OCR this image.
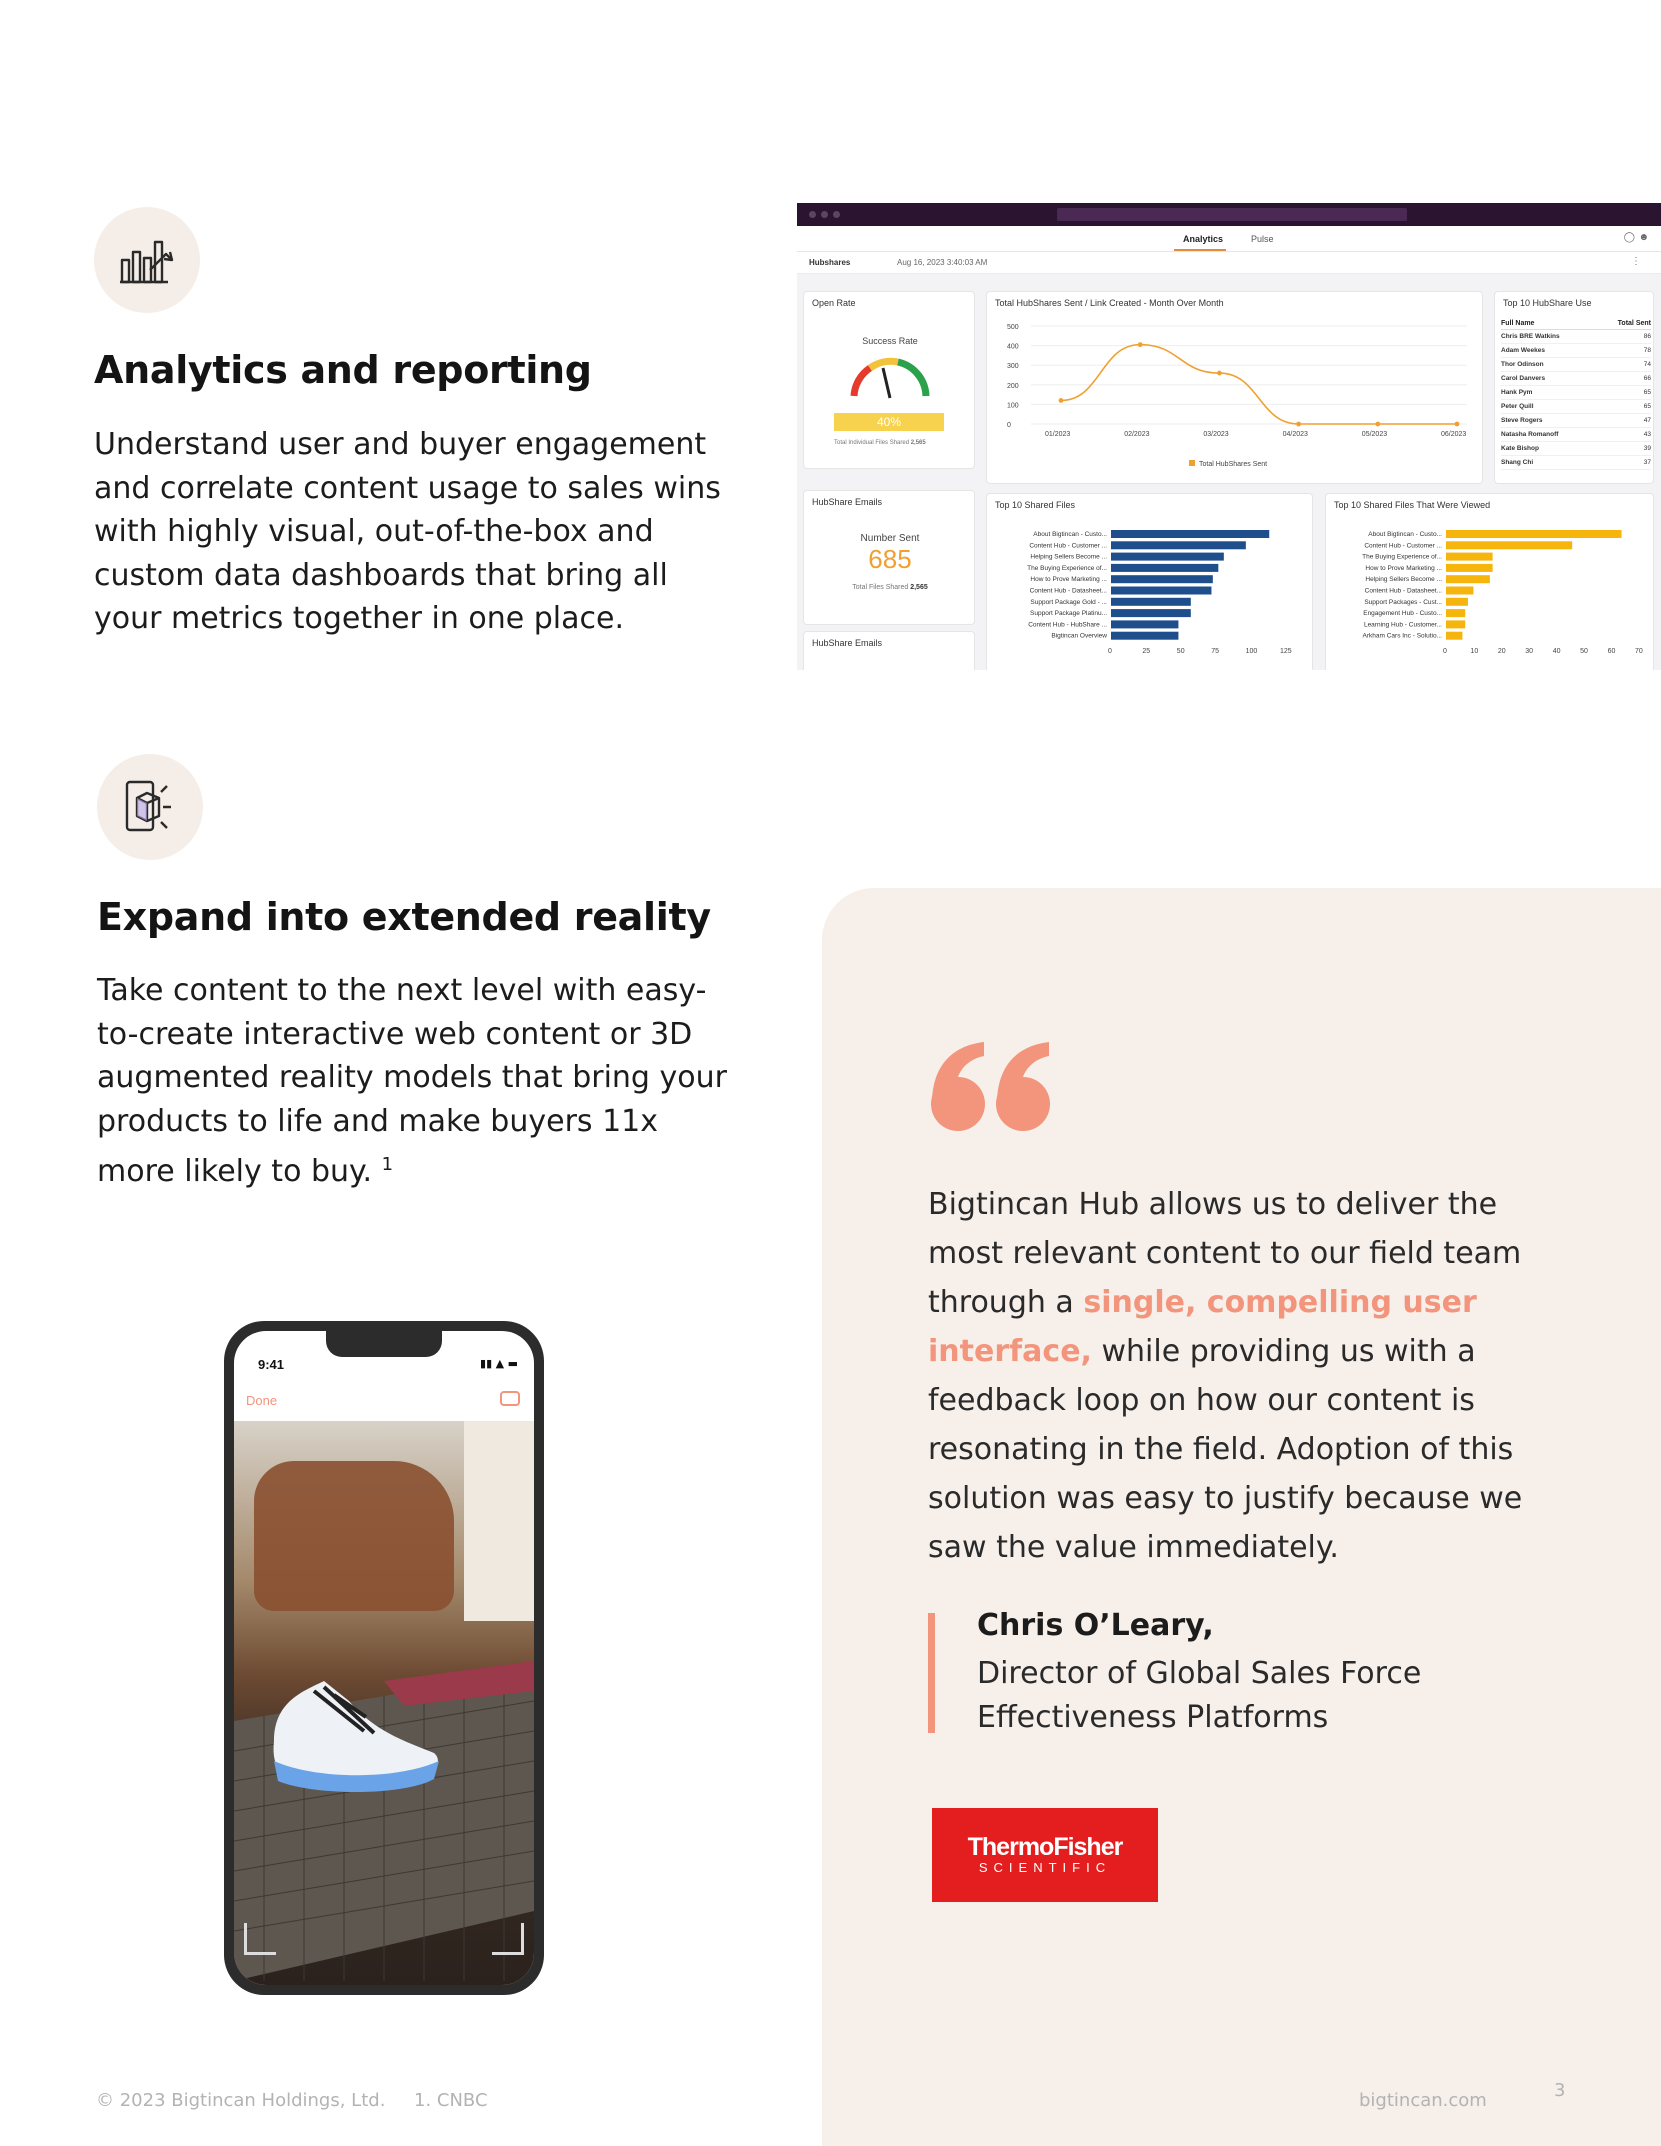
Analytics and reporting
Understand user and buyer engagement and correlate content usage to sales wins with highly visual, out-of-the-box and custom data dashboards that bring all your metrics together in one place.
Analytics	Pulse	◯ ☻
Hubshares	Aug 16, 2023 3:40:03 AM	⋮
Open Rate
Success Rate
40%
Total Individual Files Shared 2,565
Total HubShares Sent / Link Created - Month Over Month
0
100
200
300
400
500
01/2023	02/2023	03/2023	04/2023	05/2023	06/2023
Total HubShares Sent
Top 10 HubShare Use
Full Name	Total Sent
Chris BRE Watkins	86
Adam Weekes	78
Thor Odinson	74
Carol Danvers	66
Hank Pym	65
Peter Quill	65
Steve Rogers	47
Natasha Romanoff	43
Kate Bishop	39
Shang Chi	37
HubShare Emails
Number Sent
685
Total Files Shared 2,565
HubShare Emails
Top 10 Shared Files
About Bigtincan - Custo...
Content Hub - Customer ...
Helping Sellers Become ...
The Buying Experience of...
How to Prove Marketing ...
Content Hub - Datasheet...
Support Package Gold - ...
Support Package Platinu...
Content Hub - HubShare ...
Bigtincan Overview
0	25	50	75	100	125
Top 10 Shared Files That Were Viewed
About Bigtincan - Custo...
Content Hub - Customer ...
The Buying Experience of...
How to Prove Marketing ...
Helping Sellers Become ...
Content Hub - Datasheet...
Support Packages - Cust...
Engagement Hub - Custo...
Learning Hub - Customer...
Arkham Cars Inc - Solutio...
0	10	20	30	40	50	60	70
Expand into extended reality
Take content to the next level with easy-to-create interactive web content or 3D augmented reality models that bring your products to life and make buyers 11x more likely to buy. $^1$
9:41	▮▮ ▲ ▬
Done
Bigtincan Hub allows us to deliver the most relevant content to our field team through a single, compelling user interface, while providing us with a feedback loop on how our content is resonating in the field. Adoption of this solution was easy to justify because we saw the value immediately.
Chris O’Leary,
Director of Global Sales Force Effectiveness Platforms
ThermoFisher
SCIENTIFIC
© 2023 Bigtincan Holdings, Ltd. 1. CNBC	bigtincan.com	3
